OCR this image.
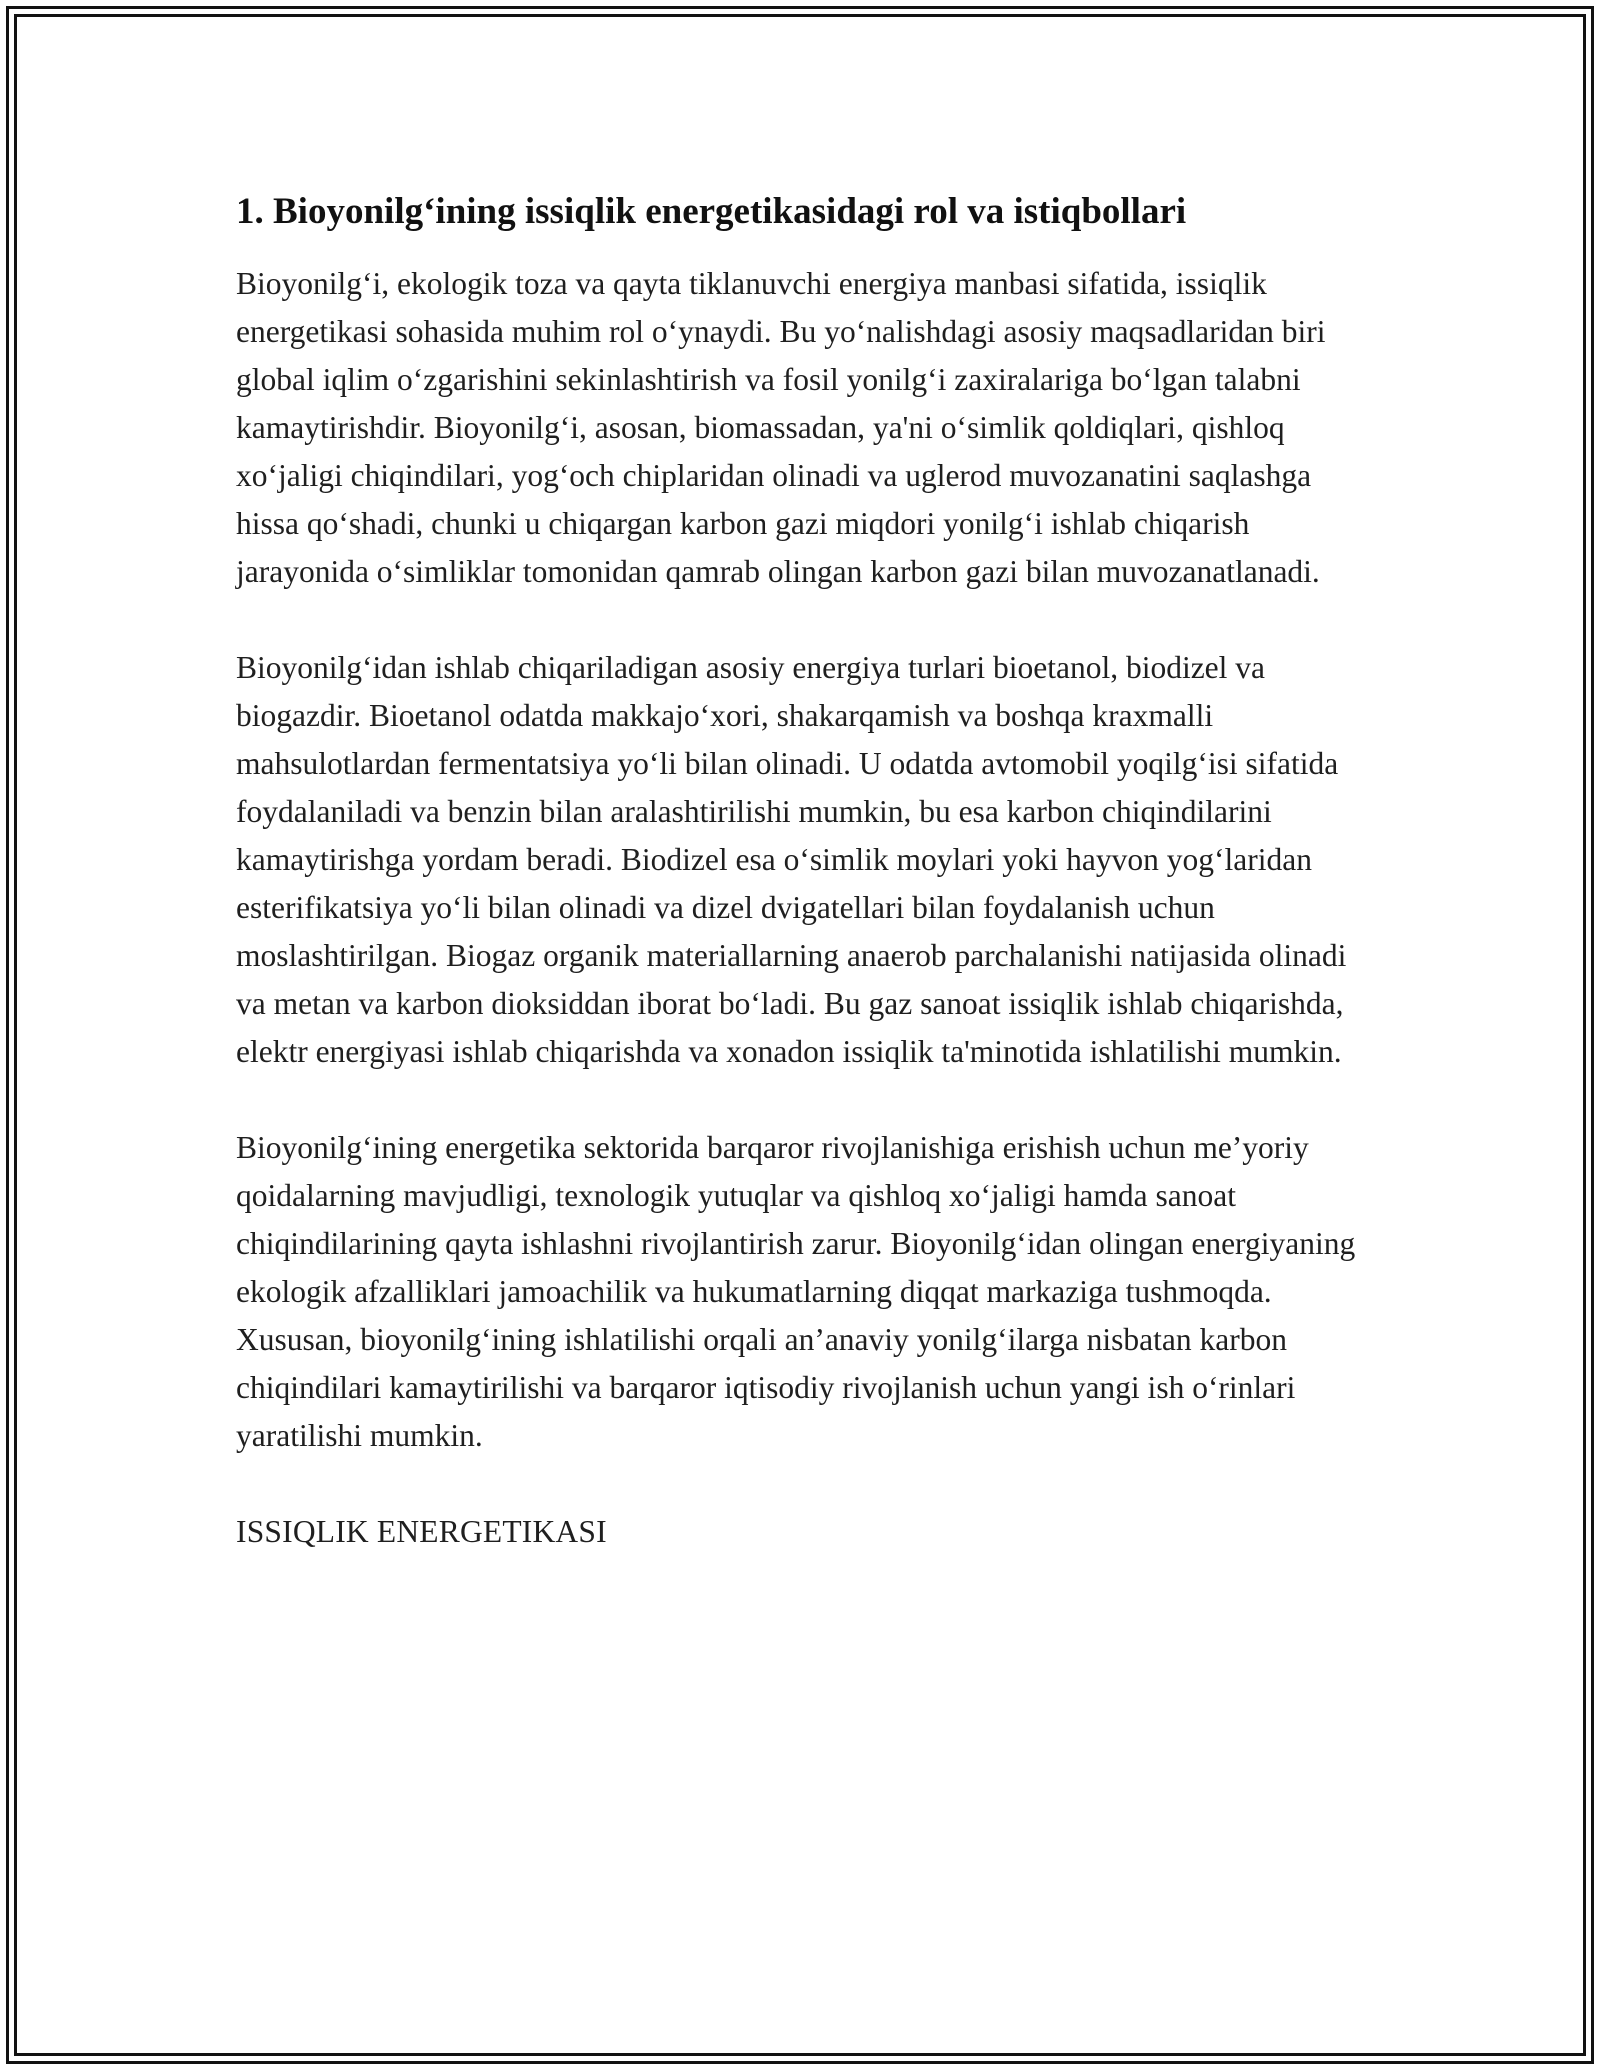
1. Bioyonilg‘ining issiqlik energetikasidagi rol va istiqbollari

Bioyonilg‘i, ekologik toza va qayta tiklanuvchi energiya manbasi sifatida, issiqlik energetikasi sohasida muhim rol o‘ynaydi. Bu yo‘nalishdagi asosiy maqsadlaridan biri global iqlim o‘zgarishini sekinlashtirish va fosil yonilg‘i zaxiralariga bo‘lgan talabni kamaytirishdir. Bioyonilg‘i, asosan, biomassadan, ya'ni o‘simlik qoldiqlari, qishloq xo‘jaligi chiqindilari, yog‘och chiplaridan olinadi va uglerod muvozanatini saqlashga hissa qo‘shadi, chunki u chiqargan karbon gazi miqdori yonilg‘i ishlab chiqarish jarayonida o‘simliklar tomonidan qamrab olingan karbon gazi bilan muvozanatlanadi.

Bioyonilg‘idan ishlab chiqariladigan asosiy energiya turlari bioetanol, biodizel va biogazdir. Bioetanol odatda makkajo‘xori, shakarqamish va boshqa kraxmalli mahsulotlardan fermentatsiya yo‘li bilan olinadi. U odatda avtomobil yoqilg‘isi sifatida foydalaniladi va benzin bilan aralashtirilishi mumkin, bu esa karbon chiqindilarini kamaytirishga yordam beradi. Biodizel esa o‘simlik moylari yoki hayvon yog‘laridan esterifikatsiya yo‘li bilan olinadi va dizel dvigatellari bilan foydalanish uchun moslashtirilgan. Biogaz organik materiallarning anaerob parchalanishi natijasida olinadi va metan va karbon dioksiddan iborat bo‘ladi. Bu gaz sanoat issiqlik ishlab chiqarishda, elektr energiyasi ishlab chiqarishda va xonadon issiqlik ta'minotida ishlatilishi mumkin.

Bioyonilg‘ining energetika sektorida barqaror rivojlanishiga erishish uchun me’yoriy qoidalarning mavjudligi, texnologik yutuqlar va qishloq xo‘jaligi hamda sanoat chiqindilarining qayta ishlashni rivojlantirish zarur. Bioyonilg‘idan olingan energiyaning ekologik afzalliklari jamoachilik va hukumatlarning diqqat markaziga tushmoqda. Xususan, bioyonilg‘ining ishlatilishi orqali an’anaviy yonilg‘ilarga nisbatan karbon chiqindilari kamaytirilishi va barqaror iqtisodiy rivojlanish uchun yangi ish o‘rinlari yaratilishi mumkin.

ISSIQLIK ENERGETIKASI
